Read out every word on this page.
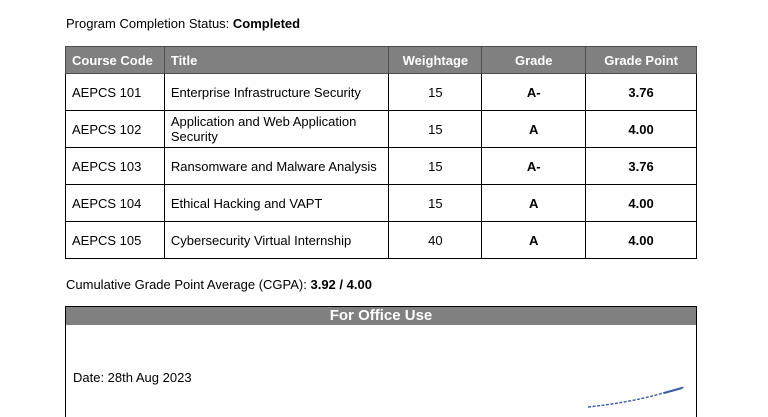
Program Completion Status: Completed
Course Code	Title	Weightage	Grade	Grade Point
AEPCS 101	Enterprise Infrastructure Security	15	A-	3.76
AEPCS 102	Application and Web Application Security	15	A	4.00
AEPCS 103	Ransomware and Malware Analysis	15	A-	3.76
AEPCS 104	Ethical Hacking and VAPT	15	A	4.00
AEPCS 105	Cybersecurity Virtual Internship	40	A	4.00
Cumulative Grade Point Average (CGPA): 3.92 / 4.00
For Office Use
Date: 28th Aug 2023
